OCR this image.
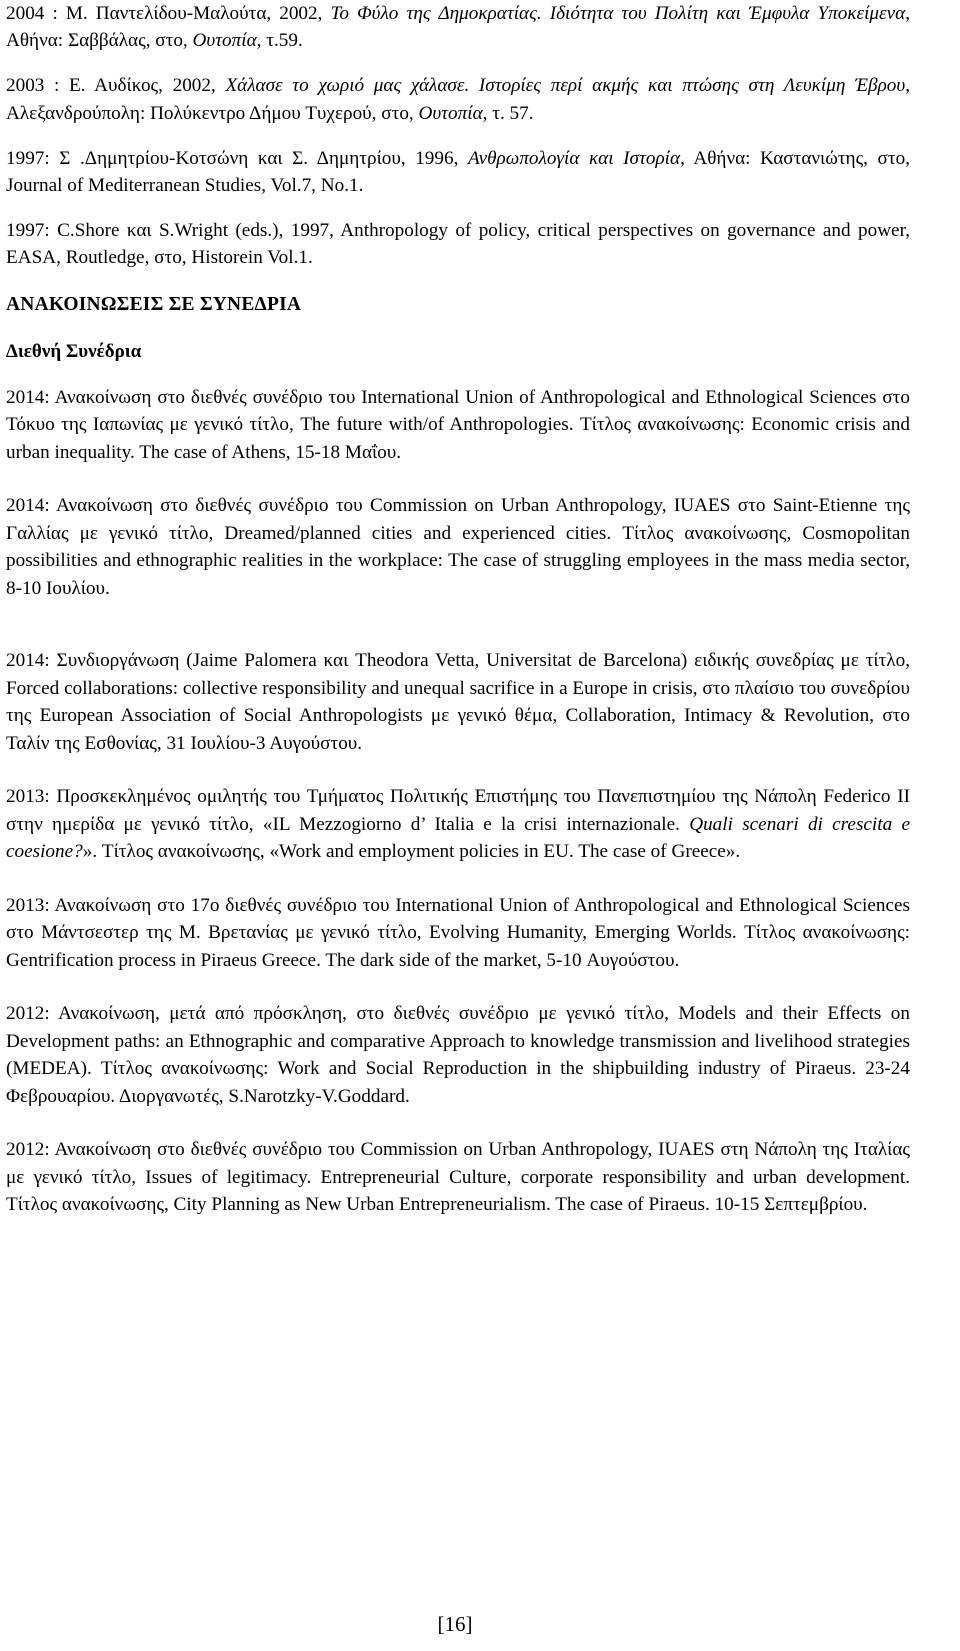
2004 : Μ. Παντελίδου-Μαλούτα, 2002, Το Φύλο της Δημοκρατίας. Ιδιότητα του Πολίτη και Έμφυλα Υποκείμενα, Αθήνα: Σαββάλας, στο, Ουτοπία, τ.59.

2003 : Ε. Αυδίκος, 2002, Χάλασε το χωριό μας χάλασε. Ιστορίες περί ακμής και πτώσης στη Λευκίμη Έβρου, Αλεξανδρούπολη: Πολύκεντρο Δήμου Τυχερού, στο, Ουτοπία, τ. 57.

1997: Σ .Δημητρίου-Κοτσώνη και Σ. Δημητρίου, 1996, Ανθρωπολογία και Ιστορία, Αθήνα: Καστανιώτης, στο, Journal of Mediterranean Studies, Vol.7, No.1.

1997: C.Shore και S.Wright (eds.), 1997, Anthropology of policy, critical perspectives on governance and power, EASA, Routledge, στο, Historein Vol.1.

ΑΝΑΚΟΙΝΩΣΕΙΣ ΣΕ ΣΥΝΕΔΡΙΑ
Διεθνή Συνέδρια

2014: Ανακοίνωση στο διεθνές συνέδριο του International Union of Anthropological and Ethnological Sciences στο Τόκυο της Ιαπωνίας με γενικό τίτλο, The future with/of Anthropologies. Τίτλος ανακοίνωσης: Economic crisis and urban inequality. The case of Athens, 15-18 Μαΐου.

2014: Ανακοίνωση στο διεθνές συνέδριο του Commission on Urban Anthropology, IUAES στο Saint-Etienne της Γαλλίας με γενικό τίτλο, Dreamed/planned cities and experienced cities. Τίτλος ανακοίνωσης, Cosmopolitan possibilities and ethnographic realities in the workplace: The case of struggling employees in the mass media sector, 8-10 Ιουλίου.

2014: Συνδιοργάνωση (Jaime Palomera και Theodora Vetta, Universitat de Barcelona) ειδικής συνεδρίας με τίτλο, Forced collaborations: collective responsibility and unequal sacrifice in a Europe in crisis, στο πλαίσιο του συνεδρίου της European Association of Social Anthropologists με γενικό θέμα, Collaboration, Intimacy & Revolution, στο Ταλίν της Εσθονίας, 31 Ιουλίου-3 Αυγούστου.

2013: Προσκεκλημένος ομιλητής του Τμήματος Πολιτικής Επιστήμης του Πανεπιστημίου της Νάπολη Federico II στην ημερίδα με γενικό τίτλο, «IL Mezzogiorno d’ Italia e la crisi internazionale. Quali scenari di crescita e coesione?». Τίτλος ανακοίνωσης, «Work and employment policies in EU. The case of Greece».

2013: Ανακοίνωση στο 17ο διεθνές συνέδριο του International Union of Anthropological and Ethnological Sciences στο Μάντσεστερ της Μ. Βρετανίας με γενικό τίτλο, Evolving Humanity, Emerging Worlds. Τίτλος ανακοίνωσης: Gentrification process in Piraeus Greece. The dark side of the market, 5-10 Αυγούστου.

2012: Ανακοίνωση, μετά από πρόσκληση, στο διεθνές συνέδριο με γενικό τίτλο, Models and their Effects on Development paths: an Ethnographic and comparative Approach to knowledge transmission and livelihood strategies (MEDEA). Τίτλος ανακοίνωσης: Work and Social Reproduction in the shipbuilding industry of Piraeus. 23-24 Φεβρουαρίου. Διοργανωτές, S.Narotzky-V.Goddard.

2012: Ανακοίνωση στο διεθνές συνέδριο του Commission on Urban Anthropology, IUAES στη Νάπολη της Ιταλίας με γενικό τίτλο, Issues of legitimacy. Entrepreneurial Culture, corporate responsibility and urban development. Τίτλος ανακοίνωσης, City Planning as New Urban Entrepreneurialism. The case of Piraeus. 10-15 Σεπτεμβρίου.

[16]
